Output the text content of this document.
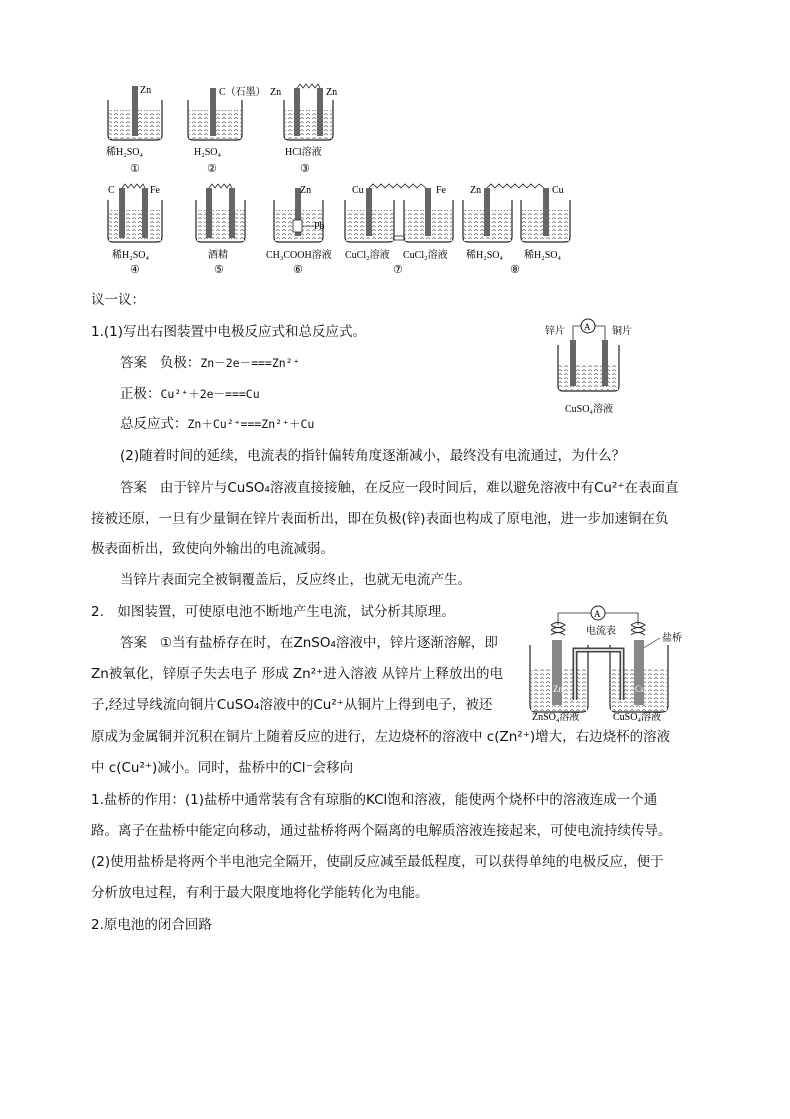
Zn
稀H₂SO₄
①
C（石墨）
H₂SO₄
②
Zn	Zn
HCl溶液
③
C	Fe
稀H₂SO₄
④
酒精
⑤
Zn
Pb
CH₃COOH溶液
⑥
Cu	Fe
CuCl₂溶液 CuCl₂溶液
⑦
Zn	Cu
稀H₂SO₄ 稀H₂SO₄
⑧
A
锌片	铜片
CuSO₄溶液
A
电流表
盐桥
Zn	Cu
ZnSO₄溶液	CuSO₄溶液
议一议：
1.(1)写出右图装置中电极反应式和总反应式。
答案 负极：Zn－2e－===Zn²⁺
正极：Cu²⁺＋2e－===Cu
总反应式：Zn＋Cu²⁺===Zn²⁺＋Cu
(2)随着时间的延续，电流表的指针偏转角度逐渐减小，最终没有电流通过，为什么？
答案 由于锌片与CuSO₄溶液直接接触，在反应一段时间后，难以避免溶液中有Cu²⁺在表面直
接被还原，一旦有少量铜在锌片表面析出，即在负极(锌)表面也构成了原电池，进一步加速铜在负
极表面析出，致使向外输出的电流减弱。
当锌片表面完全被铜覆盖后，反应终止，也就无电流产生。
2.　如图装置，可使原电池不断地产生电流，试分析其原理。
答案 ①当有盐桥存在时，在ZnSO₄溶液中，锌片逐渐溶解，即
Zn被氧化，锌原子失去电子 形成 Zn²⁺进入溶液 从锌片上释放出的电
子,经过导线流向铜片CuSO₄溶液中的Cu²⁺从铜片上得到电子，被还
原成为金属铜并沉积在铜片上随着反应的进行，左边烧杯的溶液中 c(Zn²⁺)增大，右边烧杯的溶液
中 c(Cu²⁺)减小。同时，盐桥中的Cl⁻会移向
1.盐桥的作用：(1)盐桥中通常装有含有琼脂的KCl饱和溶液，能使两个烧杯中的溶液连成一个通
路。离子在盐桥中能定向移动，通过盐桥将两个隔离的电解质溶液连接起来，可使电流持续传导。
(2)使用盐桥是将两个半电池完全隔开，使副反应减至最低程度，可以获得单纯的电极反应，便于
分析放电过程，有利于最大限度地将化学能转化为电能。
2.原电池的闭合回路
